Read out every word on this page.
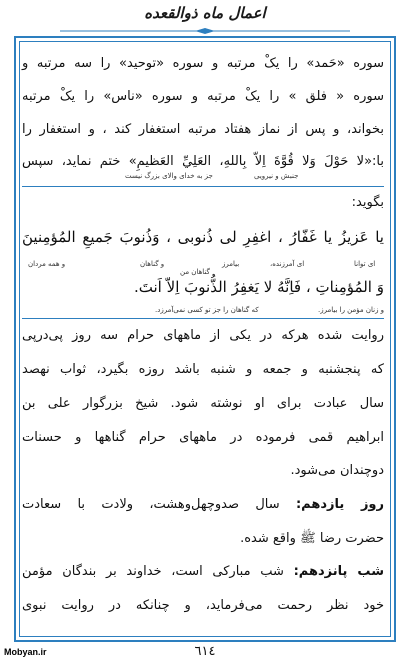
اعمال ماه ذوالقعده
سوره «حَمد» را یکْ مرتبه و سوره «توحید» را سه مرتبه و
سوره « فلق » را یکْ مرتبه و سوره «ناس» را یکْ مرتبه
بخواند، و پس از نماز هفتاد مرتبه استغفار کند ، و استغفار را
با:«لا حَوْلَ وَلا قُوَّةَ اِلاّ بِاللهِ، العَلِيِّ العَظيمِ» ختم نمايد، سپس
جنبش و نیرویی
جز به خدای والای بزرگ نیست
بگوید:
يا عَزيزُ يا غَفّارُ ، اغفِرِ لى ذُنوبى ، وَذُنوبَ جَميعِ المُؤمِنينَ
ای توانا
ای آمرزنده،
گناهان من
بیامرز
و گناهان
و همه مردان
وَ المُؤمِناتِ ، فَاِنَّهُ لا يَغفِرُ الذُّنوبَ اِلاّ اَنتَ.
و زنان مؤمن را بیامرز.
که گناهان را جز تو کسی نمی‌آمرزد.
روایت شده هرکه در یکی از ماههای حرام سه روز پی‌درپی
که پنجشنبه و جمعه و شنبه باشد روزه بگیرد، ثواب نهصد
سال عبادت برای او نوشته شود. شیخ بزرگوار علی بن
ابراهیم قمی فرموده در ماههای حرام گناهها و حسنات
دوچندان می‌شود.
روز یازدهم: سال صدوچهل‌وهشت، ولادت با سعادت
حضرت رضا ﷺ واقع شده.
شب پانزدهم: شب مبارکی است، خداوند بر بندگان مؤمن
خود نظر رحمت می‌فرماید، و چنانکه در روایت نبوی
Mobyan.ir	٦١٤
